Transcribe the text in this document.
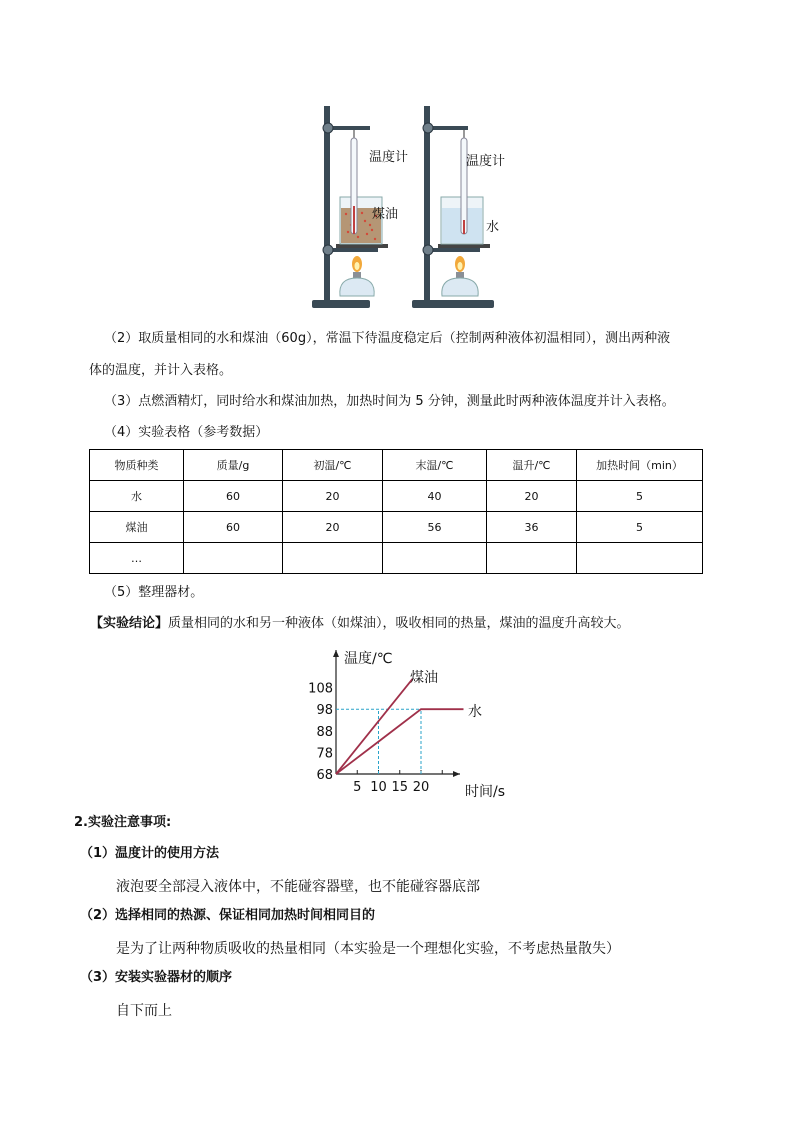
温度计
煤油
温度计
水
（2）取质量相同的水和煤油（60g），常温下待温度稳定后（控制两种液体初温相同），测出两种液
体的温度，并计入表格。
（3）点燃酒精灯，同时给水和煤油加热，加热时间为 5 分钟，测量此时两种液体温度并计入表格。
（4）实验表格（参考数据）
物质种类	质量/g	初温/℃	末温/℃	温升/℃	加热时间（min）
水	60	20	40	20	5
煤油	60	20	56	36	5
…					
（5）整理器材。
【实验结论】质量相同的水和另一种液体（如煤油），吸收相同的热量，煤油的温度升高较大。
煤油
水
68
78
88
98
108
5 10 15 20
温度/℃
时间/s
2.实验注意事项:
（1）温度计的使用方法
液泡要全部浸入液体中，不能碰容器壁，也不能碰容器底部
（2）选择相同的热源、保证相同加热时间相同目的
是为了让两种物质吸收的热量相同（本实验是一个理想化实验，不考虑热量散失）
（3）安装实验器材的顺序
自下而上
